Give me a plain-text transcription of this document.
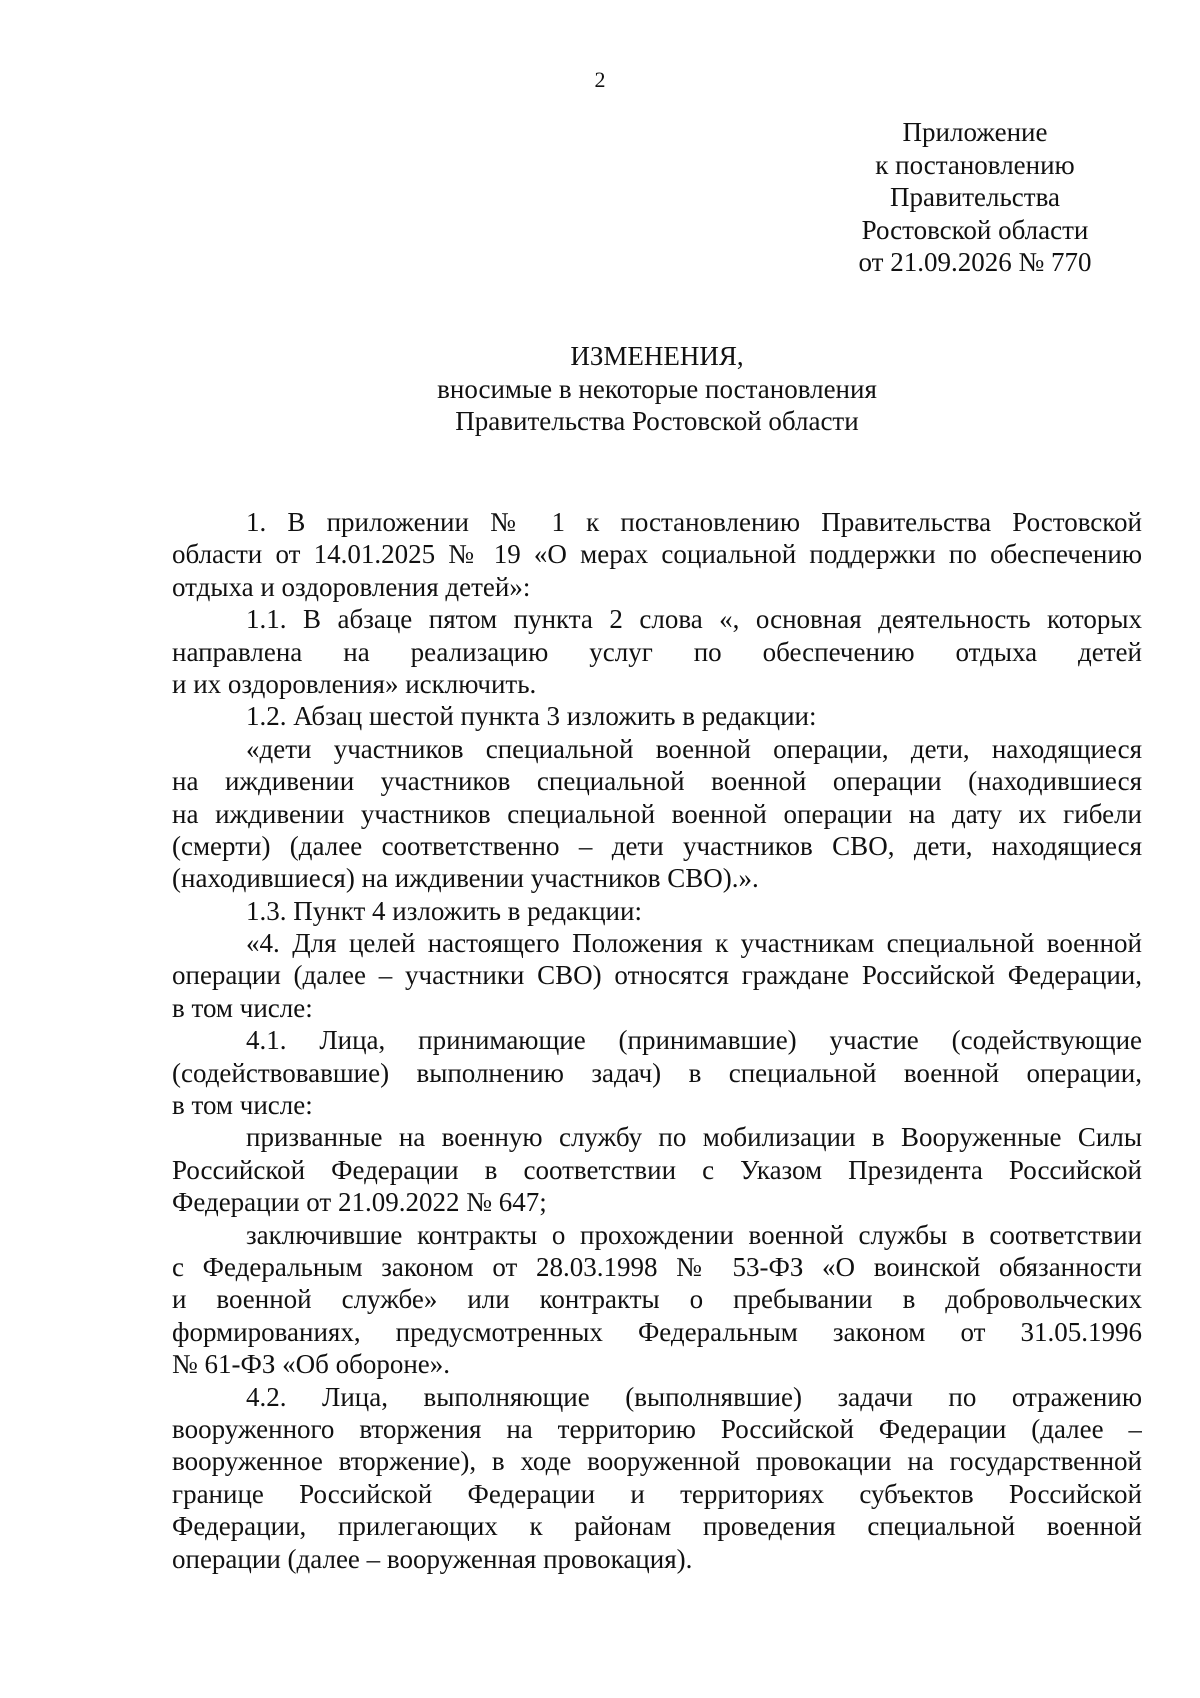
2
Приложение
к постановлению
Правительства
Ростовской области
от 21.09.2026 № 770
ИЗМЕНЕНИЯ,
вносимые в некоторые постановления
Правительства Ростовской области
1. В приложении № 1 к постановлению Правительства Ростовской
области от 14.01.2025 № 19 «О мерах социальной поддержки по обеспечению
отдыха и оздоровления детей»:
1.1. В абзаце пятом пункта 2 слова «, основная деятельность которых
направлена на реализацию услуг по обеспечению отдыха детей
и их оздоровления» исключить.
1.2. Абзац шестой пункта 3 изложить в редакции:
«дети участников специальной военной операции, дети, находящиеся
на иждивении участников специальной военной операции (находившиеся
на иждивении участников специальной военной операции на дату их гибели
(смерти) (далее соответственно – дети участников СВО, дети, находящиеся
(находившиеся) на иждивении участников СВО).».
1.3. Пункт 4 изложить в редакции:
«4. Для целей настоящего Положения к участникам специальной военной
операции (далее – участники СВО) относятся граждане Российской Федерации,
в том числе:
4.1. Лица, принимающие (принимавшие) участие (содействующие
(содействовавшие) выполнению задач) в специальной военной операции,
в том числе:
призванные на военную службу по мобилизации в Вооруженные Силы
Российской Федерации в соответствии с Указом Президента Российской
Федерации от 21.09.2022 № 647;
заключившие контракты о прохождении военной службы в соответствии
с Федеральным законом от 28.03.1998 № 53-ФЗ «О воинской обязанности
и военной службе» или контракты о пребывании в добровольческих
формированиях, предусмотренных Федеральным законом от 31.05.1996
№ 61-ФЗ «Об обороне».
4.2. Лица, выполняющие (выполнявшие) задачи по отражению
вооруженного вторжения на территорию Российской Федерации (далее –
вооруженное вторжение), в ходе вооруженной провокации на государственной
границе Российской Федерации и территориях субъектов Российской
Федерации, прилегающих к районам проведения специальной военной
операции (далее – вооруженная провокация).
